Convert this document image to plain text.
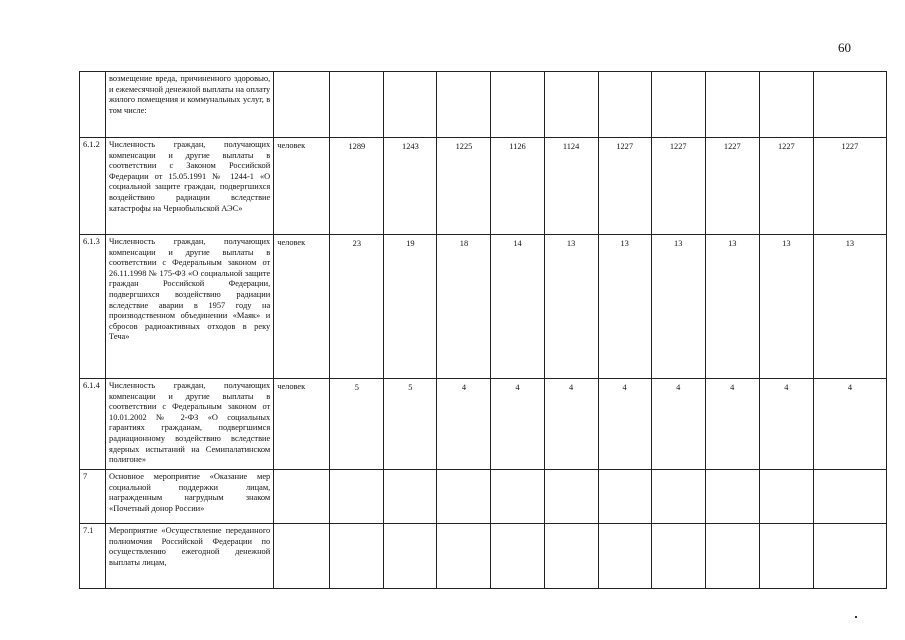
60
	возмещение вреда, причиненного здоровью, и ежемесячной денежной выплаты на оплату жилого помещения и коммунальных услуг, в том числе:											
6.1.2	Численность граждан, получающих компенсации и другие выплаты в соответствии с Законом Российской Федерации от 15.05.1991 № 1244-1 «О социальной защите граждан, подвергшихся воздействию радиации вследствие катастрофы на Чернобыльской АЭС»	человек	1289	1243	1225	1126	1124	1227	1227	1227	1227	1227
6.1.3	Численность граждан, получающих компенсации и другие выплаты в соответствии с Федеральным законом от 26.11.1998 № 175-ФЗ «О социальной защите граждан Российской Федерации, подвергшихся воздействию радиации вследствие аварии в 1957 году на производственном объединении «Маяк» и сбросов радиоактивных отходов в реку Теча»	человек	23	19	18	14	13	13	13	13	13	13
6.1.4	Численность граждан, получающих компенсации и другие выплаты в соответствии с Федеральным законом от 10.01.2002 № 2-ФЗ «О социальных гарантиях гражданам, подвергшимся радиационному воздействию вследствие ядерных испытаний на Семипалатинском полигоне»	человек	5	5	4	4	4	4	4	4	4	4
7	Основное мероприятие «Оказание мер социальной поддержки лицам, награжденным нагрудным знаком «Почетный донор России»											
7.1	Мероприятие «Осуществление переданного полномочия Российской Федерации по осуществлению ежегодной денежной выплаты лицам,											
